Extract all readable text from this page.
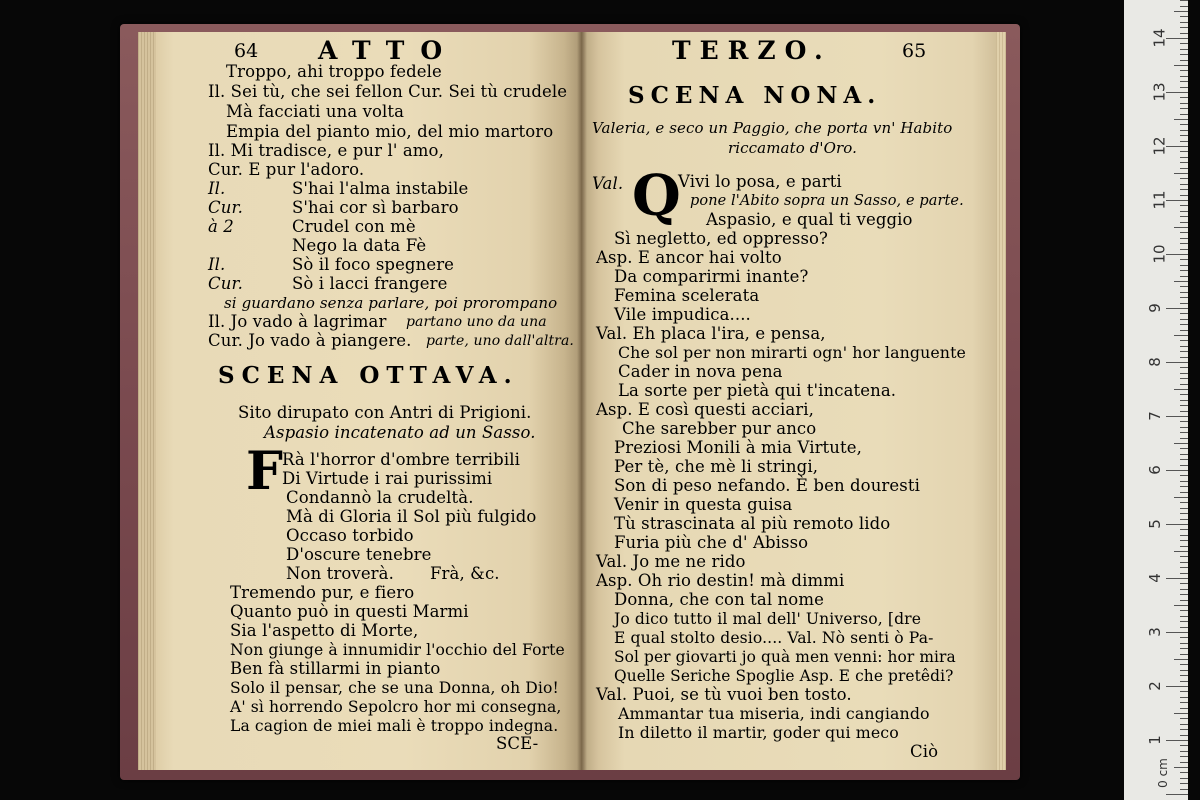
64 ATTO
Troppo, ahi troppo fedele
Il. Sei tù, che sei fellon Cur. Sei tù crudele
Mà facciati una volta
Empia del pianto mio, del mio martoro
Il. Mi tradisce, e pur l' amo,
Cur. E pur l'adoro.
Il.	S'hai l'alma instabile
Cur.	S'hai cor sì barbaro
à 2	Crudel con mè
Nego la data Fè
Il.	Sò il foco spegnere
Cur.	Sò i lacci frangere
si guardano senza parlare, poi prorompano
Il. Jo vado à lagrimar partano uno da una
Cur. Jo vado à piangere. parte, uno dall'altra.
SCENA OTTAVA.
Sito dirupato con Antri di Prigioni.
Aspasio incatenato ad un Sasso.
F Rà l'horror d'ombre terribili
Di Virtude i rai purissimi
Condannò la crudeltà.
Mà di Gloria il Sol più fulgido
Occaso torbido
D'oscure tenebre
Non troverà. Frà, &c.
Tremendo pur, e fiero
Quanto può in questi Marmi
Sia l'aspetto di Morte,
Non giunge à innumidir l'occhio del Forte
Ben fà stillarmi in pianto
Solo il pensar, che se una Donna, oh Dio!
A' sì horrendo Sepolcro hor mi consegna,
La cagion de miei mali è troppo indegna.
SCE-
TERZO.	65
SCENA NONA.
Valeria, e seco un Paggio, che porta vn' Habito
riccamato d'Oro.
Val. Q
Vivi lo posa, e parti
pone l'Abito sopra un Sasso, e parte.
Aspasio, e qual ti veggio
Sì negletto, ed oppresso?
Asp. E ancor hai volto
Da comparirmi inante?
Femina scelerata
Vile impudica....
Val. Eh placa l'ira, e pensa,
Che sol per non mirarti ogn' hor languente
Cader in nova pena
La sorte per pietà qui t'incatena.
Asp. E così questi acciari,
Che sarebber pur anco
Preziosi Monili à mia Virtute,
Per tè, che mè li stringi,
Son di peso nefando. È ben douresti
Venir in questa guisa
Tù strascinata al più remoto lido
Furia più che d' Abisso
Val. Jo me ne rido
Asp. Oh rio destin! mà dimmi
Donna, che con tal nome
Jo dico tutto il mal dell' Universo, [dre
E qual stolto desio.... Val. Nò senti ò Pa-
Sol per giovarti jo quà men venni: hor mira
Quelle Seriche Spoglie Asp. E che pretêdi?
Val. Puoi, se tù vuoi ben tosto.
Ammantar tua miseria, indi cangiando
In diletto il martir, goder qui meco
Ciò
14
13
12
11
10
9
8
7
6
5
4
3
2
1
0 cm
